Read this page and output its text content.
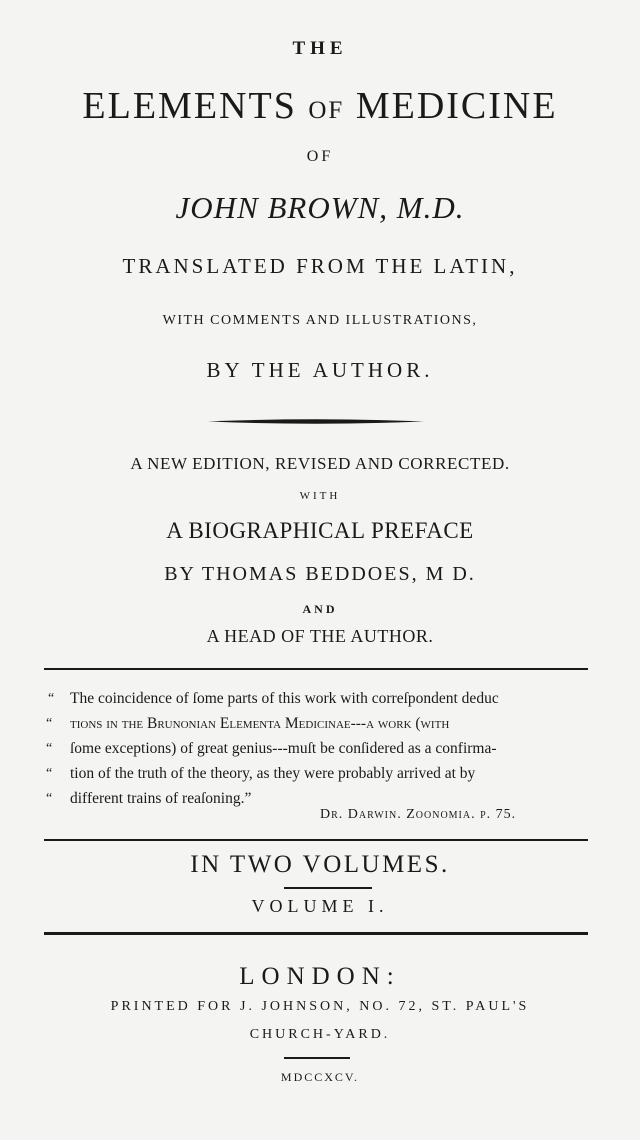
THE
ELEMENTS OF MEDICINE
OF
JOHN BROWN, M.D.
TRANSLATED FROM THE LATIN,
WITH COMMENTS AND ILLUSTRATIONS,
BY THE AUTHOR.
A NEW EDITION, REVISED AND CORRECTED.
WITH
A BIOGRAPHICAL PREFACE
BY THOMAS BEDDOES, M D.
AND
A HEAD OF THE AUTHOR.
“	The coincidence of ſome parts of this work with correſpondent deduc
“	tions in the Brunonian Elementa Medicinae---a work (with
“	ſome exceptions) of great genius---muſt be conſidered as a confirma-
“	tion of the truth of the theory, as they were probably arrived at by
“	different trains of reaſoning.”
Dr. Darwin. Zoonomia. p. 75.
IN TWO VOLUMES.
VOLUME I.
LONDON:
PRINTED FOR J. JOHNSON, NO. 72, ST. PAUL'S
CHURCH-YARD.
MDCCXCV.
